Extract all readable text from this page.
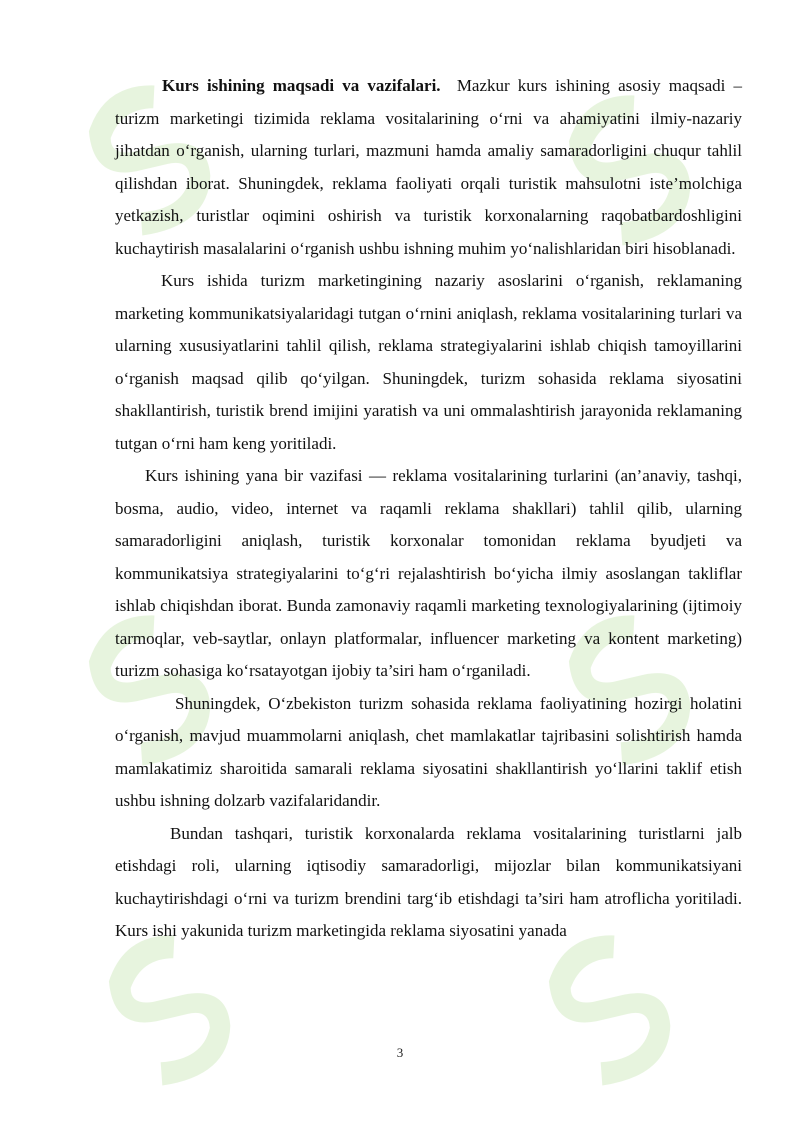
Kurs ishining maqsadi va vazifalari. Mazkur kurs ishining asosiy maqsadi – turizm marketingi tizimida reklama vositalarining o‘rni va ahamiyatini ilmiy-nazariy jihatdan o‘rganish, ularning turlari, mazmuni hamda amaliy samaradorligini chuqur tahlil qilishdan iborat. Shuningdek, reklama faoliyati orqali turistik mahsulotni iste’molchiga yetkazish, turistlar oqimini oshirish va turistik korxonalarning raqobatbardoshligini kuchaytirish masalalarini o‘rganish ushbu ishning muhim yo‘nalishlaridan biri hisoblanadi.

Kurs ishida turizm marketingining nazariy asoslarini o‘rganish, reklamaning marketing kommunikatsiyalaridagi tutgan o‘rnini aniqlash, reklama vositalarining turlari va ularning xususiyatlarini tahlil qilish, reklama strategiyalarini ishlab chiqish tamoyillarini o‘rganish maqsad qilib qo‘yilgan. Shuningdek, turizm sohasida reklama siyosatini shakllantirish, turistik brend imijini yaratish va uni ommalashtirish jarayonida reklamaning tutgan o‘rni ham keng yoritiladi.

Kurs ishining yana bir vazifasi — reklama vositalarining turlarini (an’anaviy, tashqi, bosma, audio, video, internet va raqamli reklama shakllari) tahlil qilib, ularning samaradorligini aniqlash, turistik korxonalar tomonidan reklama byudjeti va kommunikatsiya strategiyalarini to‘g‘ri rejalashtirish bo‘yicha ilmiy asoslangan takliflar ishlab chiqishdan iborat. Bunda zamonaviy raqamli marketing texnologiyalarining (ijtimoiy tarmoqlar, veb-saytlar, onlayn platformalar, influencer marketing va kontent marketing) turizm sohasiga ko‘rsatayotgan ijobiy ta’siri ham o‘rganiladi.

Shuningdek, O‘zbekiston turizm sohasida reklama faoliyatining hozirgi holatini o‘rganish, mavjud muammolarni aniqlash, chet mamlakatlar tajribasini solishtirish hamda mamlakatimiz sharoitida samarali reklama siyosatini shakllantirish yo‘llarini taklif etish ushbu ishning dolzarb vazifalaridandir.

Bundan tashqari, turistik korxonalarda reklama vositalarining turistlarni jalb etishdagi roli, ularning iqtisodiy samaradorligi, mijozlar bilan kommunikatsiyani kuchaytirishdagi o‘rni va turizm brendini targ‘ib etishdagi ta’siri ham atroflicha yoritiladi. Kurs ishi yakunida turizm marketingida reklama siyosatini yanada

3
